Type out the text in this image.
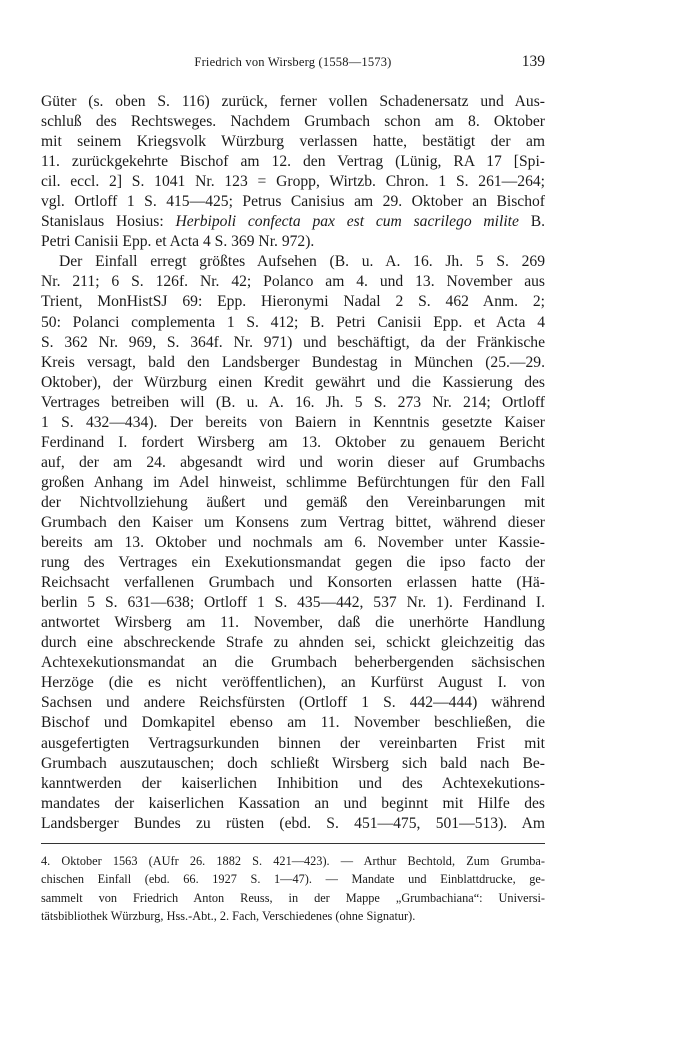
Friedrich von Wirsberg (1558—1573)	139
Güter (s. oben S. 116) zurück, ferner vollen Schadenersatz und Aus-
schluß des Rechtsweges. Nachdem Grumbach schon am 8. Oktober
mit seinem Kriegsvolk Würzburg verlassen hatte, bestätigt der am
11. zurückgekehrte Bischof am 12. den Vertrag (Lünig, RA 17 [Spi-
cil. eccl. 2] S. 1041 Nr. 123 = Gropp, Wirtzb. Chron. 1 S. 261—264;
vgl. Ortloff 1 S. 415—425; Petrus Canisius am 29. Oktober an Bischof
Stanislaus Hosius: Herbipoli confecta pax est cum sacrilego milite B.
Petri Canisii Epp. et Acta 4 S. 369 Nr. 972).
Der Einfall erregt größtes Aufsehen (B. u. A. 16. Jh. 5 S. 269
Nr. 211; 6 S. 126f. Nr. 42; Polanco am 4. und 13. November aus
Trient, MonHistSJ 69: Epp. Hieronymi Nadal 2 S. 462 Anm. 2;
50: Polanci complementa 1 S. 412; B. Petri Canisii Epp. et Acta 4
S. 362 Nr. 969, S. 364f. Nr. 971) und beschäftigt, da der Fränkische
Kreis versagt, bald den Landsberger Bundestag in München (25.—29.
Oktober), der Würzburg einen Kredit gewährt und die Kassierung des
Vertrages betreiben will (B. u. A. 16. Jh. 5 S. 273 Nr. 214; Ortloff
1 S. 432—434). Der bereits von Baiern in Kenntnis gesetzte Kaiser
Ferdinand I. fordert Wirsberg am 13. Oktober zu genauem Bericht
auf, der am 24. abgesandt wird und worin dieser auf Grumbachs
großen Anhang im Adel hinweist, schlimme Befürchtungen für den Fall
der Nichtvollziehung äußert und gemäß den Vereinbarungen mit
Grumbach den Kaiser um Konsens zum Vertrag bittet, während dieser
bereits am 13. Oktober und nochmals am 6. November unter Kassie-
rung des Vertrages ein Exekutionsmandat gegen die ipso facto der
Reichsacht verfallenen Grumbach und Konsorten erlassen hatte (Hä-
berlin 5 S. 631—638; Ortloff 1 S. 435—442, 537 Nr. 1). Ferdinand I.
antwortet Wirsberg am 11. November, daß die unerhörte Handlung
durch eine abschreckende Strafe zu ahnden sei, schickt gleichzeitig das
Achtexekutionsmandat an die Grumbach beherbergenden sächsischen
Herzöge (die es nicht veröffentlichen), an Kurfürst August I. von
Sachsen und andere Reichsfürsten (Ortloff 1 S. 442—444) während
Bischof und Domkapitel ebenso am 11. November beschließen, die
ausgefertigten Vertragsurkunden binnen der vereinbarten Frist mit
Grumbach auszutauschen; doch schließt Wirsberg sich bald nach Be-
kanntwerden der kaiserlichen Inhibition und des Achtexekutions-
mandates der kaiserlichen Kassation an und beginnt mit Hilfe des
Landsberger Bundes zu rüsten (ebd. S. 451—475, 501—513). Am
4. Oktober 1563 (AUfr 26. 1882 S. 421—423). — Arthur Bechtold, Zum Grumba-
chischen Einfall (ebd. 66. 1927 S. 1—47). — Mandate und Einblattdrucke, ge-
sammelt von Friedrich Anton Reuss, in der Mappe „Grumbachiana“: Universi-
tätsbibliothek Würzburg, Hss.-Abt., 2. Fach, Verschiedenes (ohne Signatur).
